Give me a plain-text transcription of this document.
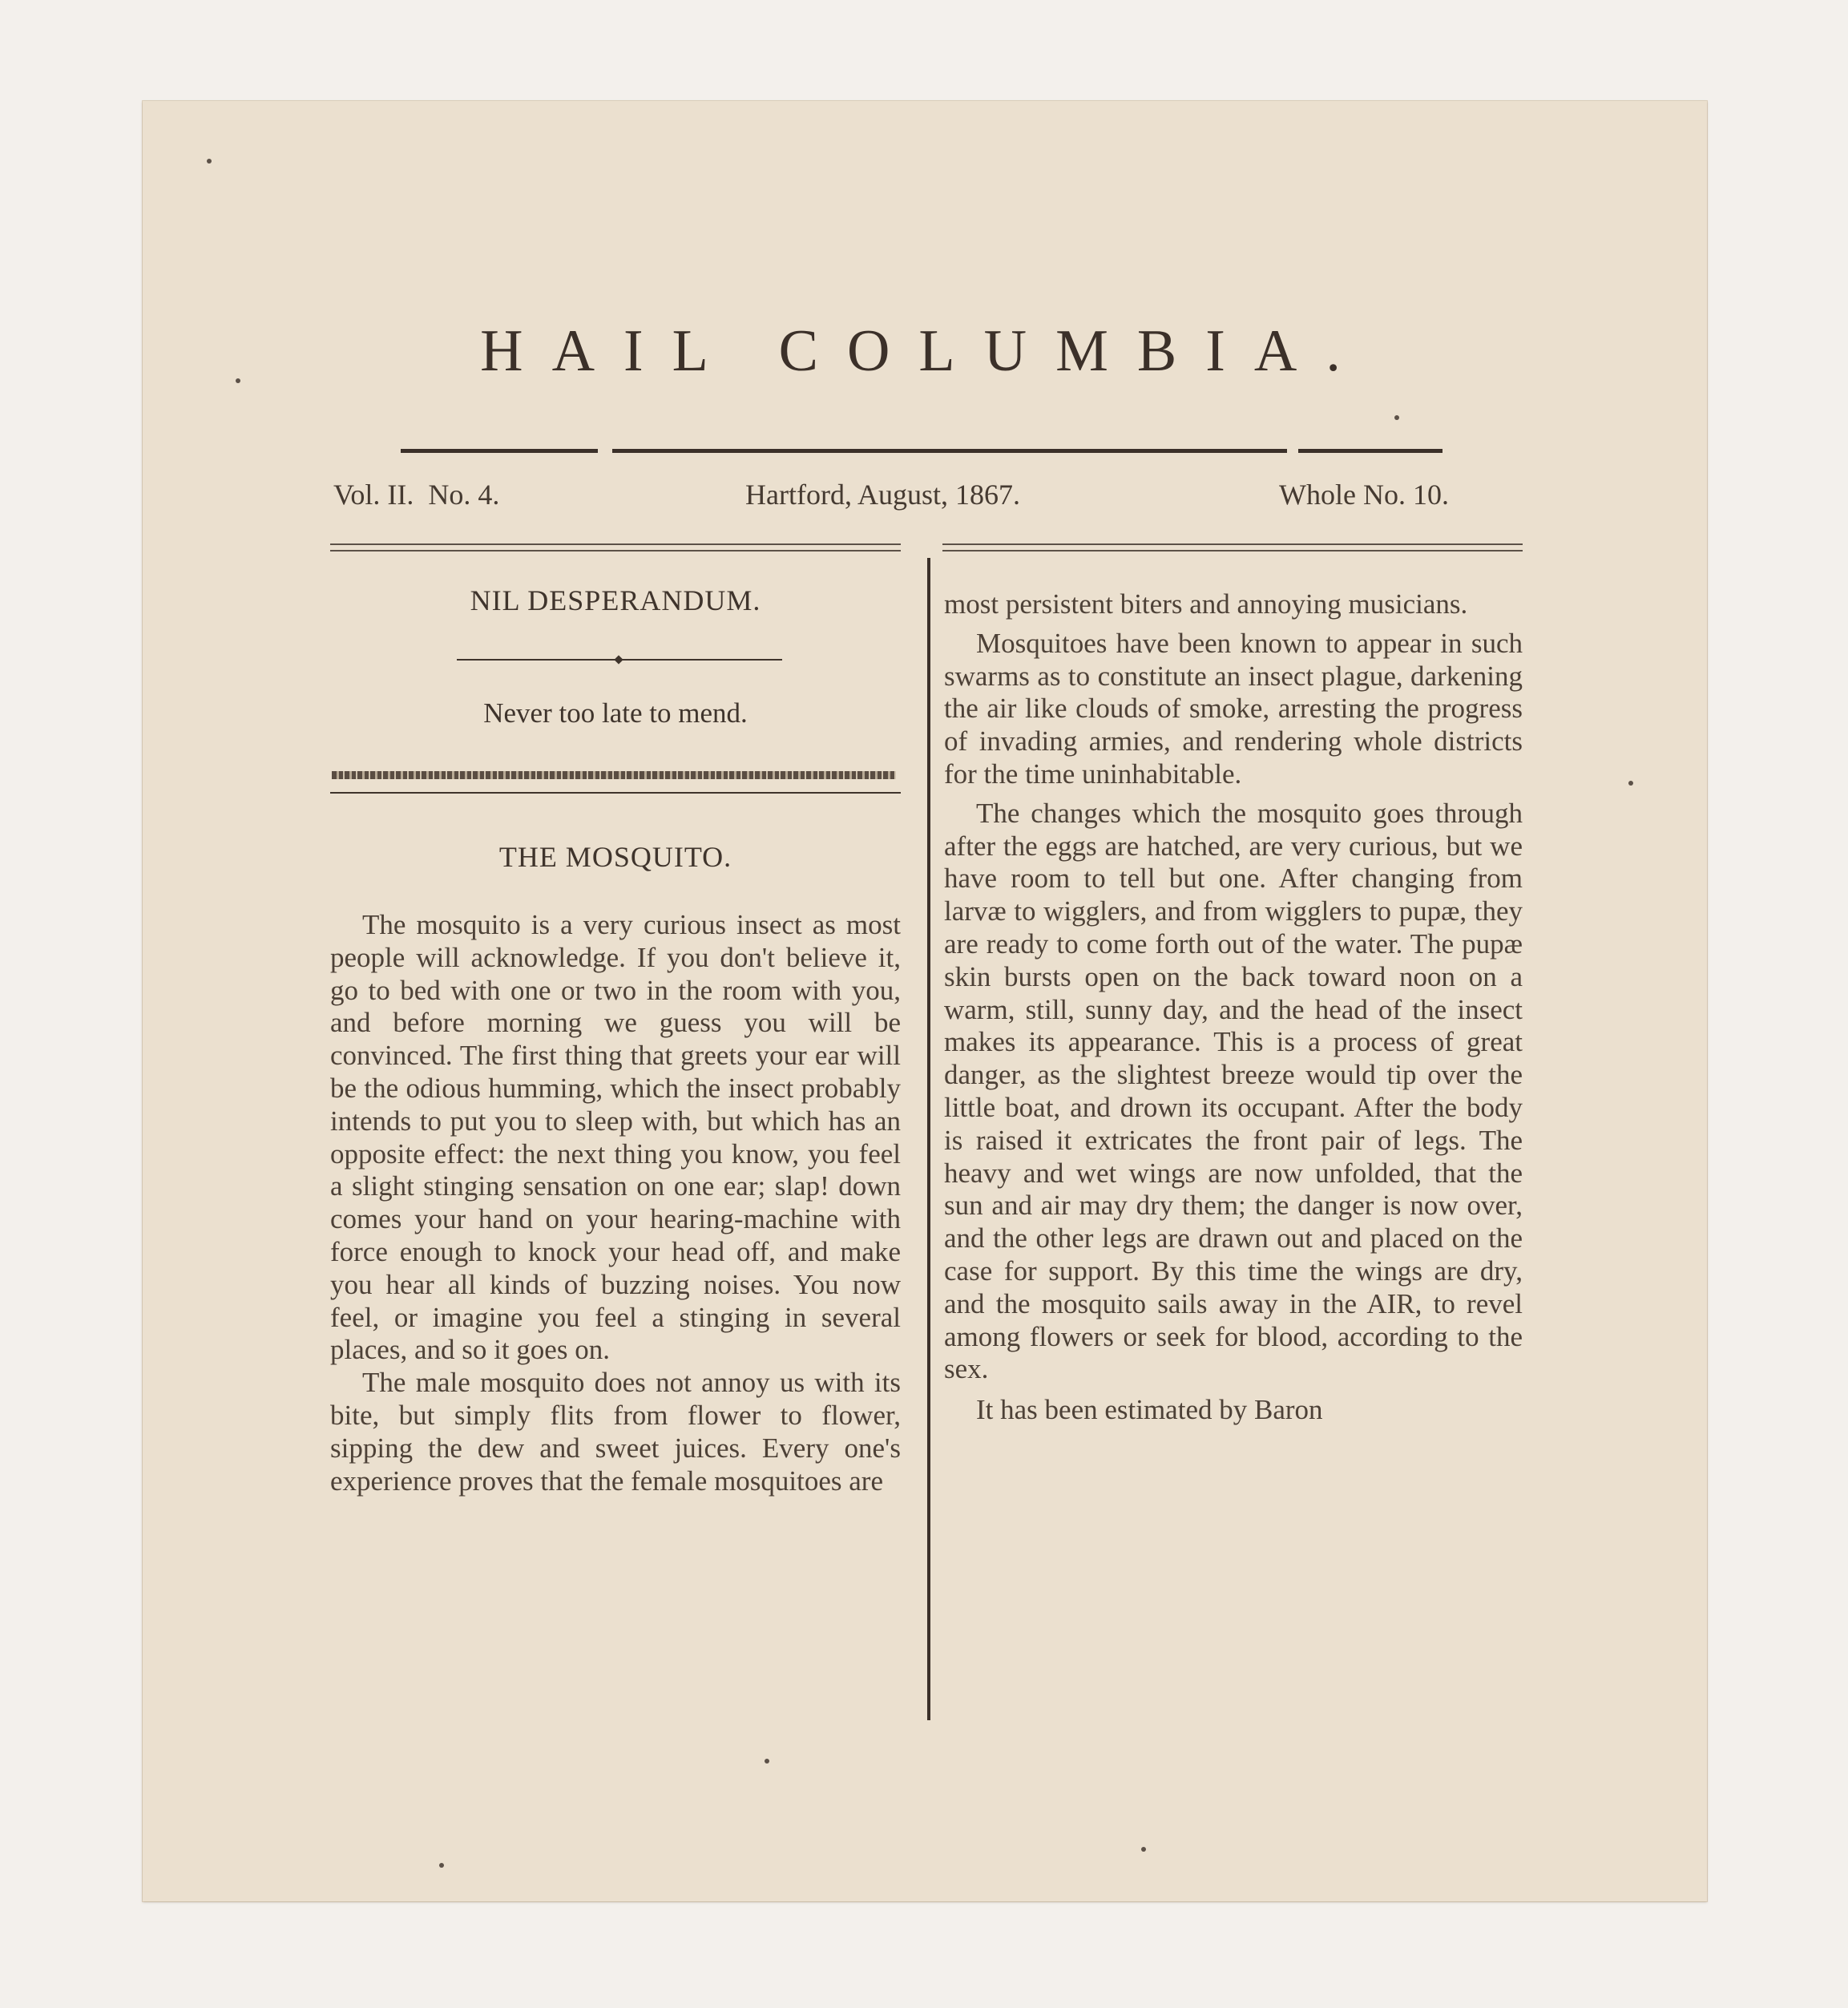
HAIL COLUMBIA.
Vol. II.  No. 4.	Hartford, August, 1867.	Whole No. 10.
NIL DESPERANDUM.
Never too late to mend.
THE MOSQUITO.

The mosquito is a very curious insect as most people will acknowledge. If you don't believe it, go to bed with one or two in the room with you, and before morning we guess you will be convinced. The first thing that greets your ear will be the odious humming, which the insect probably intends to put you to sleep with, but which has an opposite effect: the next thing you know, you feel a slight stinging sensation on one ear; slap! down comes your hand on your hearing-machine with force enough to knock your head off, and make you hear all kinds of buzzing noises. You now feel, or imagine you feel a stinging in several places, and so it goes on.

The male mosquito does not annoy us with its bite, but simply flits from flower to flower, sipping the dew and sweet juices. Every one's experience proves that the female mosquitoes are

most persistent biters and annoying musicians.

Mosquitoes have been known to appear in such swarms as to constitute an insect plague, darkening the air like clouds of smoke, arresting the progress of invading armies, and rendering whole districts for the time uninhabitable.

The changes which the mosquito goes through after the eggs are hatched, are very curious, but we have room to tell but one. After changing from larvæ to wigglers, and from wigglers to pupæ, they are ready to come forth out of the water. The pupæ skin bursts open on the back toward noon on a warm, still, sunny day, and the head of the insect makes its appearance. This is a process of great danger, as the slightest breeze would tip over the little boat, and drown its occupant. After the body is raised it extricates the front pair of legs. The heavy and wet wings are now unfolded, that the sun and air may dry them; the danger is now over, and the other legs are drawn out and placed on the case for support. By this time the wings are dry, and the mosquito sails away in the AIR, to revel among flowers or seek for blood, according to the sex.

It has been estimated by Baron
